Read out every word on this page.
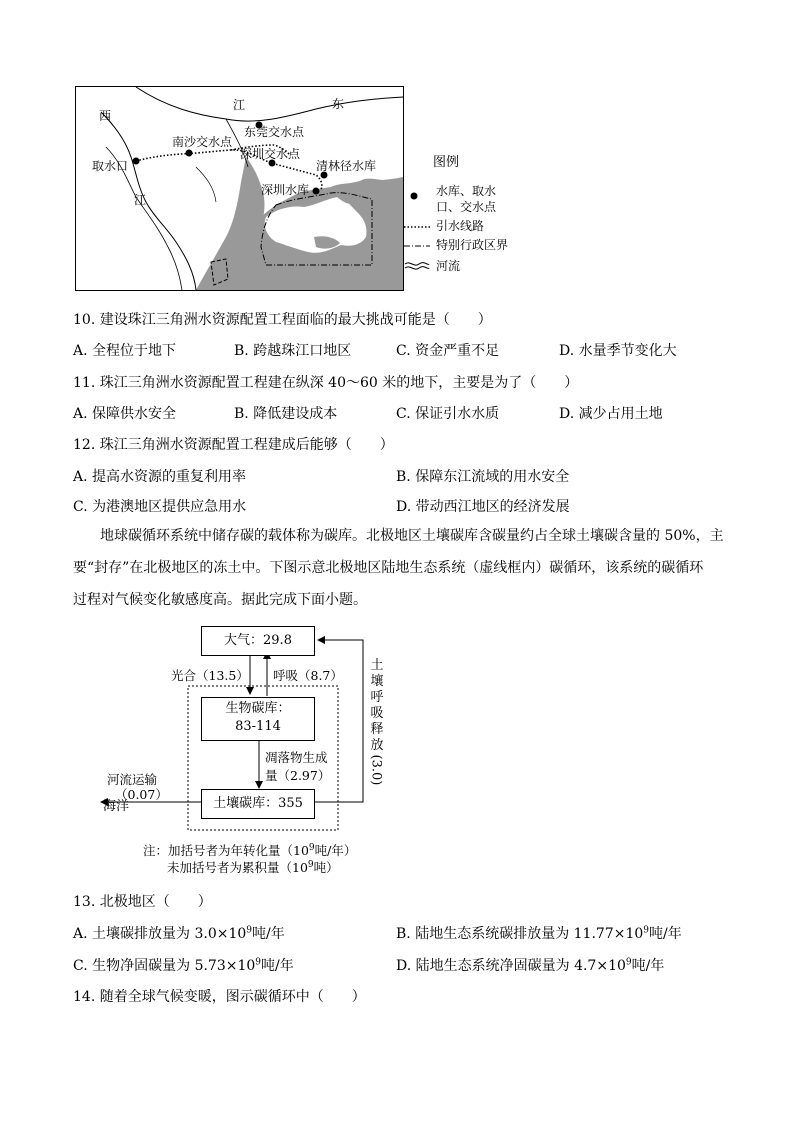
西
江
江	东
取水口
南沙交水点
东莞交水点
深圳交水点
清林径水库
深圳水库
图例
水库、取水
口、交水点
引水线路
特别行政区界
河流
10. 建设珠江三角洲水资源配置工程面临的最大挑战可能是（　　）
A. 全程位于地下	B. 跨越珠江口地区	C. 资金严重不足	D. 水量季节变化大
11. 珠江三角洲水资源配置工程建在纵深 40～60 米的地下，主要是为了（　　）
A. 保障供水安全	B. 降低建设成本	C. 保证引水水质	D. 减少占用土地
12. 珠江三角洲水资源配置工程建成后能够（　　）
A. 提高水资源的重复利用率	B. 保障东江流域的用水安全
C. 为港澳地区提供应急用水	D. 带动西江地区的经济发展
地球碳循环系统中储存碳的载体称为碳库。北极地区土壤碳库含碳量约占全球土壤碳含量的 50%，主
要“封存”在北极地区的冻土中。下图示意北极地区陆地生态系统（虚线框内）碳循环，该系统的碳循环
过程对气候变化敏感度高。据此完成下面小题。
大气：29.8
生物碳库：
83-114
土壤碳库：355
光合（13.5） 呼吸（8.7）
凋落物生成
量（2.97）
河流运输
（0.07）
海洋
土
壤
呼
吸
释
放
(3.0)
注：加括号者为年转化量（$10^9$吨/年）
未加括号者为累积量（$10^9$吨）
13. 北极地区（　　）
A. 土壤碳排放量为 $3.0\times 10^9$吨/年	B. 陆地生态系统碳排放量为 $11.77\times 10^9$吨/年
C. 生物净固碳量为 $5.73\times 10^9$吨/年	D. 陆地生态系统净固碳量为 $4.7\times 10^9$吨/年
14. 随着全球气候变暖，图示碳循环中（　　）
